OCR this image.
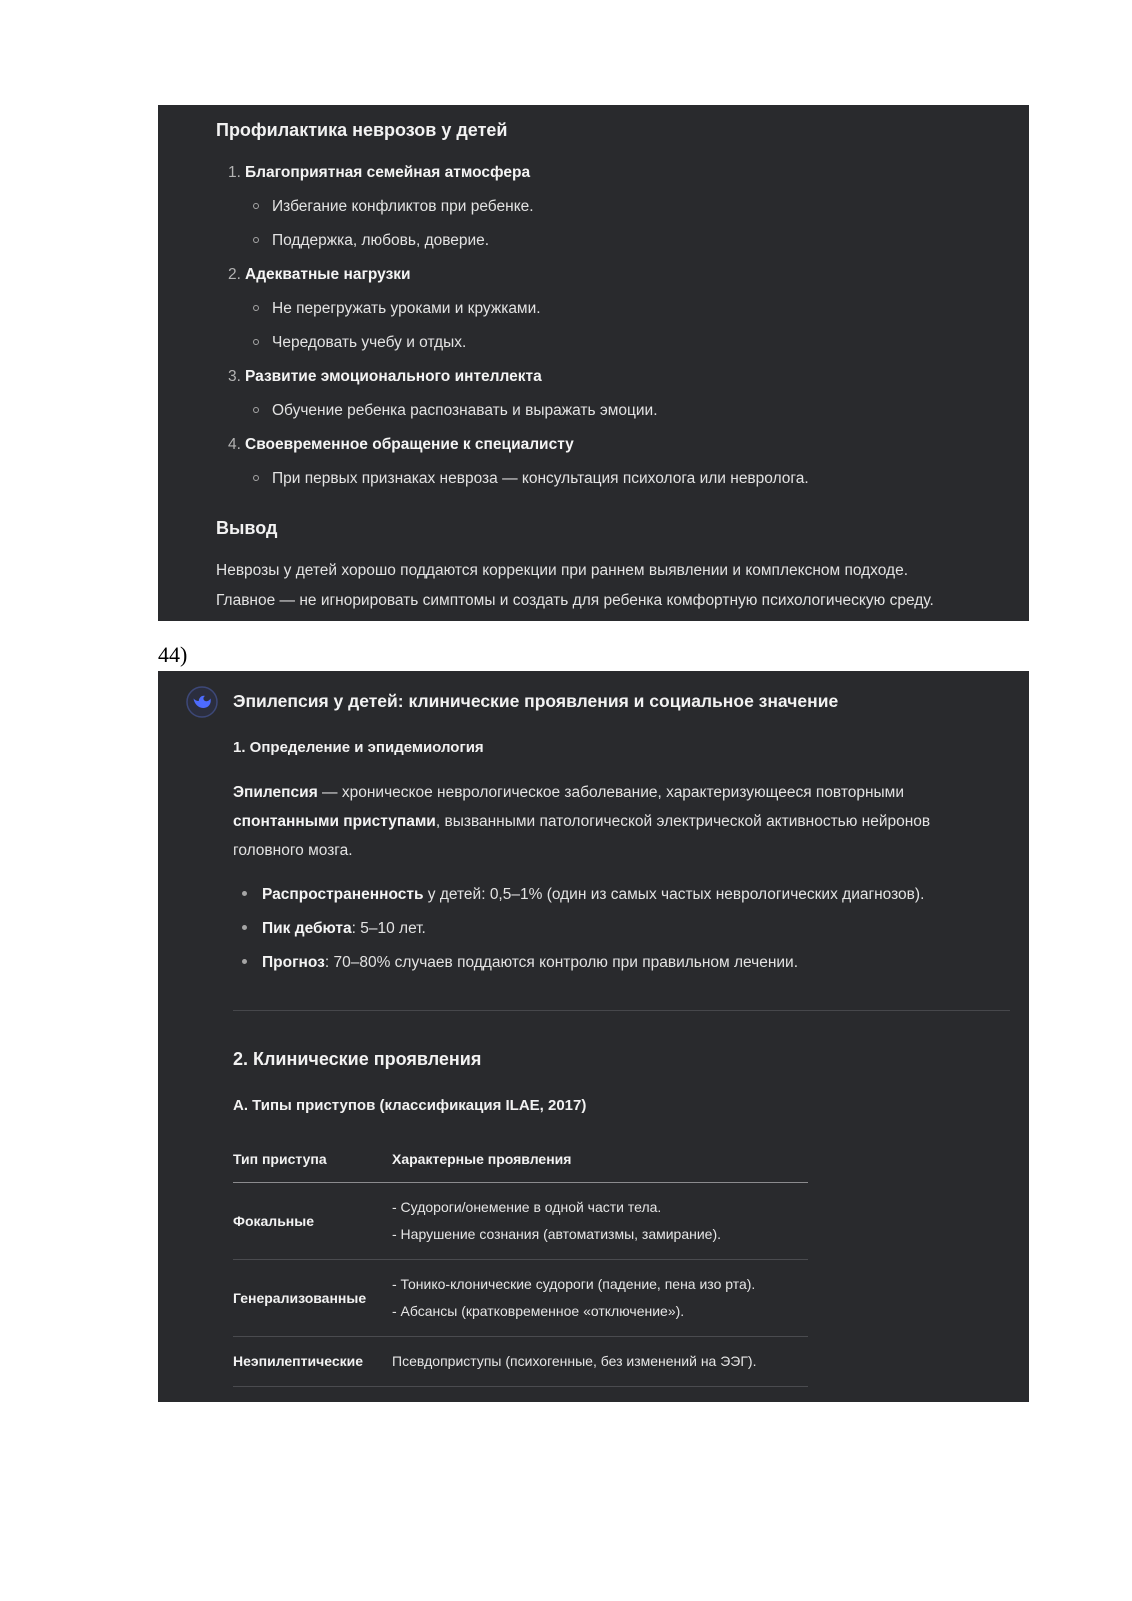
Профилактика неврозов у детей
1. Благоприятная семейная атмосфера
Избегание конфликтов при ребенке.
Поддержка, любовь, доверие.
2. Адекватные нагрузки
Не перегружать уроками и кружками.
Чередовать учебу и отдых.
3. Развитие эмоционального интеллекта
Обучение ребенка распознавать и выражать эмоции.
4. Своевременное обращение к специалисту
При первых признаках невроза — консультация психолога или невролога.
Вывод
Неврозы у детей хорошо поддаются коррекции при раннем выявлении и комплексном подходе.
Главное — не игнорировать симптомы и создать для ребенка комфортную психологическую среду.
44)
Эпилепсия у детей: клинические проявления и социальное значение
1. Определение и эпидемиология
Эпилепсия — хроническое неврологическое заболевание, характеризующееся повторными
спонтанными приступами, вызванными патологической электрической активностью нейронов
головного мозга.
Распространенность у детей: 0,5–1% (один из самых частых неврологических диагнозов).
Пик дебюта: 5–10 лет.
Прогноз: 70–80% случаев поддаются контролю при правильном лечении.
2. Клинические проявления
А. Типы приступов (классификация ILAE, 2017)
Тип приступа	Характерные проявления
Фокальные
- Судороги/онемение в одной части тела.
- Нарушение сознания (автоматизмы, замирание).
Генерализованные
- Тонико-клонические судороги (падение, пена изо рта).
- Абсансы (кратковременное «отключение»).
Неэпилептические	Псевдоприступы (психогенные, без изменений на ЭЭГ).
